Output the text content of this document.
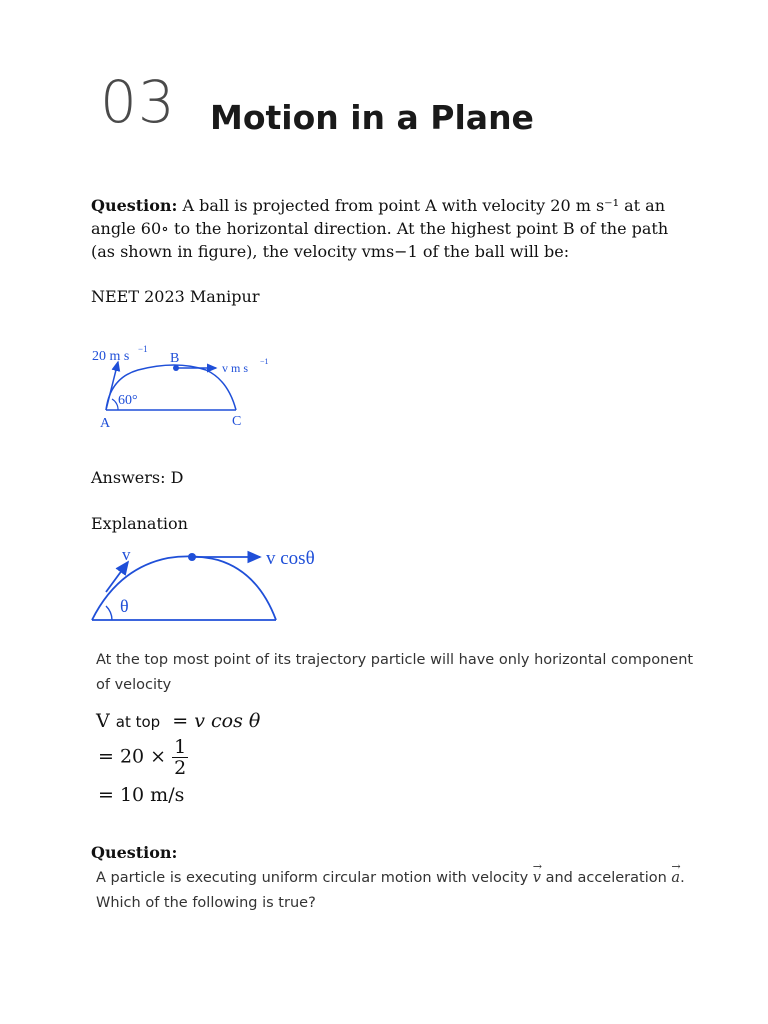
03 Motion in a Plane
Question: A ball is projected from point A with velocity 20 m s⁻¹ at an angle 60∘ to the horizontal direction. At the highest point B of the path (as shown in figure), the velocity vms−1 of the ball will be:
NEET 2023 Manipur
20 m s −1
B
v m s −1
60°
A	C
Answers: D
Explanation
v
θ
v cosθ
At the top most point of its trajectory particle will have only horizontal component of velocity
V at top = v cos θ
= $20 \times \frac{1}{2}$
= 10 m/s
Question:
A particle is executing uniform circular motion with velocity → v and acceleration → a.
Which of the following is true?
